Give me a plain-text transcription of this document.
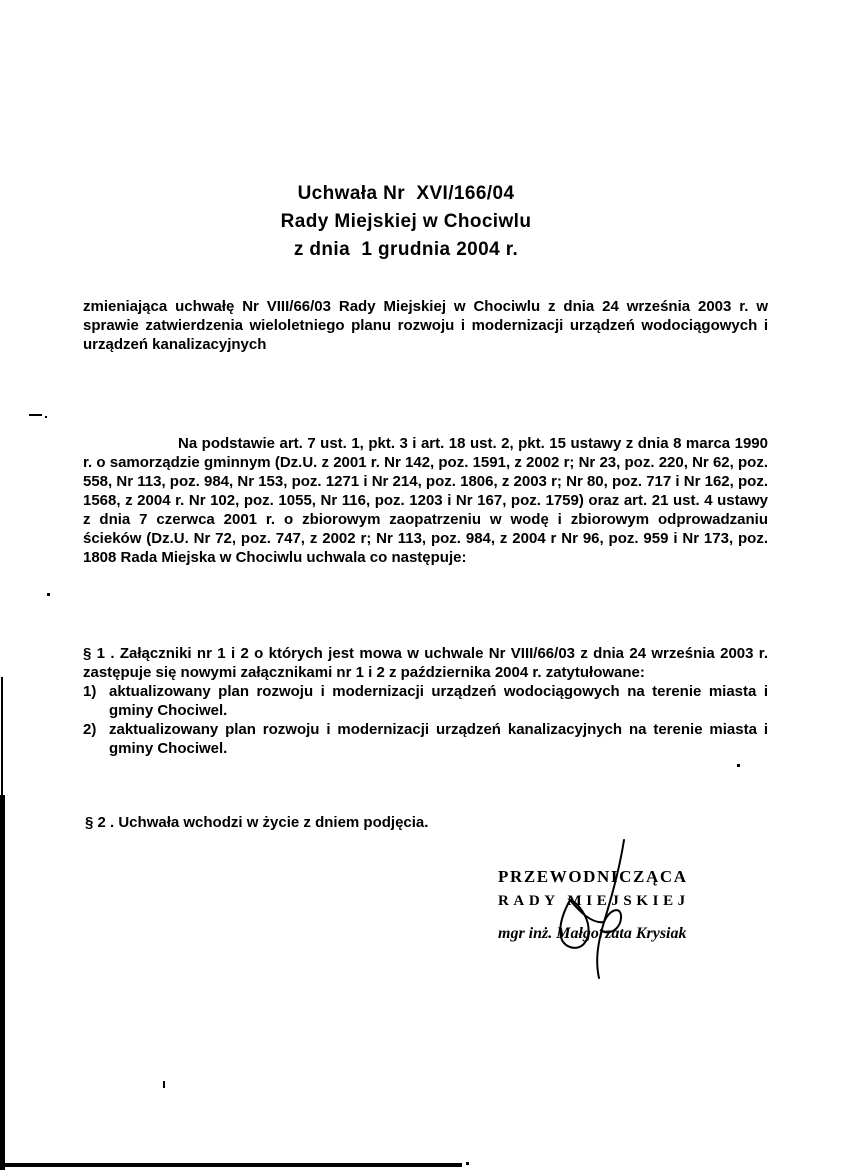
Uchwała Nr  XVI/166/04
Rady Miejskiej w Chociwlu
z dnia  1 grudnia 2004 r.
zmieniająca uchwałę Nr VIII/66/03 Rady Miejskiej w Chociwlu z dnia 24 września 2003 r. w sprawie zatwierdzenia wieloletniego planu rozwoju i modernizacji urządzeń wodociągowych i urządzeń kanalizacyjnych
Na podstawie art. 7 ust. 1, pkt. 3 i art. 18 ust. 2, pkt. 15 ustawy z dnia 8 marca 1990 r. o samorządzie gminnym (Dz.U. z 2001 r. Nr 142, poz. 1591, z 2002 r; Nr 23, poz. 220, Nr 62, poz. 558, Nr 113, poz. 984, Nr 153, poz. 1271 i Nr 214, poz. 1806, z 2003 r; Nr 80, poz. 717 i Nr 162, poz. 1568, z 2004 r. Nr 102, poz. 1055, Nr 116, poz. 1203 i Nr 167, poz. 1759) oraz art. 21 ust. 4 ustawy z dnia 7 czerwca 2001 r. o zbiorowym zaopatrzeniu w wodę i zbiorowym odprowadzaniu ścieków (Dz.U. Nr 72, poz. 747, z 2002 r; Nr 113, poz. 984, z 2004 r Nr 96, poz. 959 i Nr 173, poz. 1808 Rada Miejska w Chociwlu uchwala co następuje:
§ 1 . Załączniki nr 1 i 2 o których jest mowa w uchwale Nr VIII/66/03 z dnia 24 września 2003 r. zastępuje się nowymi załącznikami nr 1 i 2 z października 2004 r. zatytułowane:
1) aktualizowany plan rozwoju i modernizacji urządzeń wodociągowych na terenie miasta i gminy Chociwel.
2) zaktualizowany plan rozwoju i modernizacji urządzeń kanalizacyjnych na terenie miasta i gminy Chociwel.
§ 2 . Uchwała wchodzi w życie z dniem podjęcia.
PRZEWODNICZĄCA
RADY MIEJSKIEJ
mgr inż. Małgorzata Krysiak
